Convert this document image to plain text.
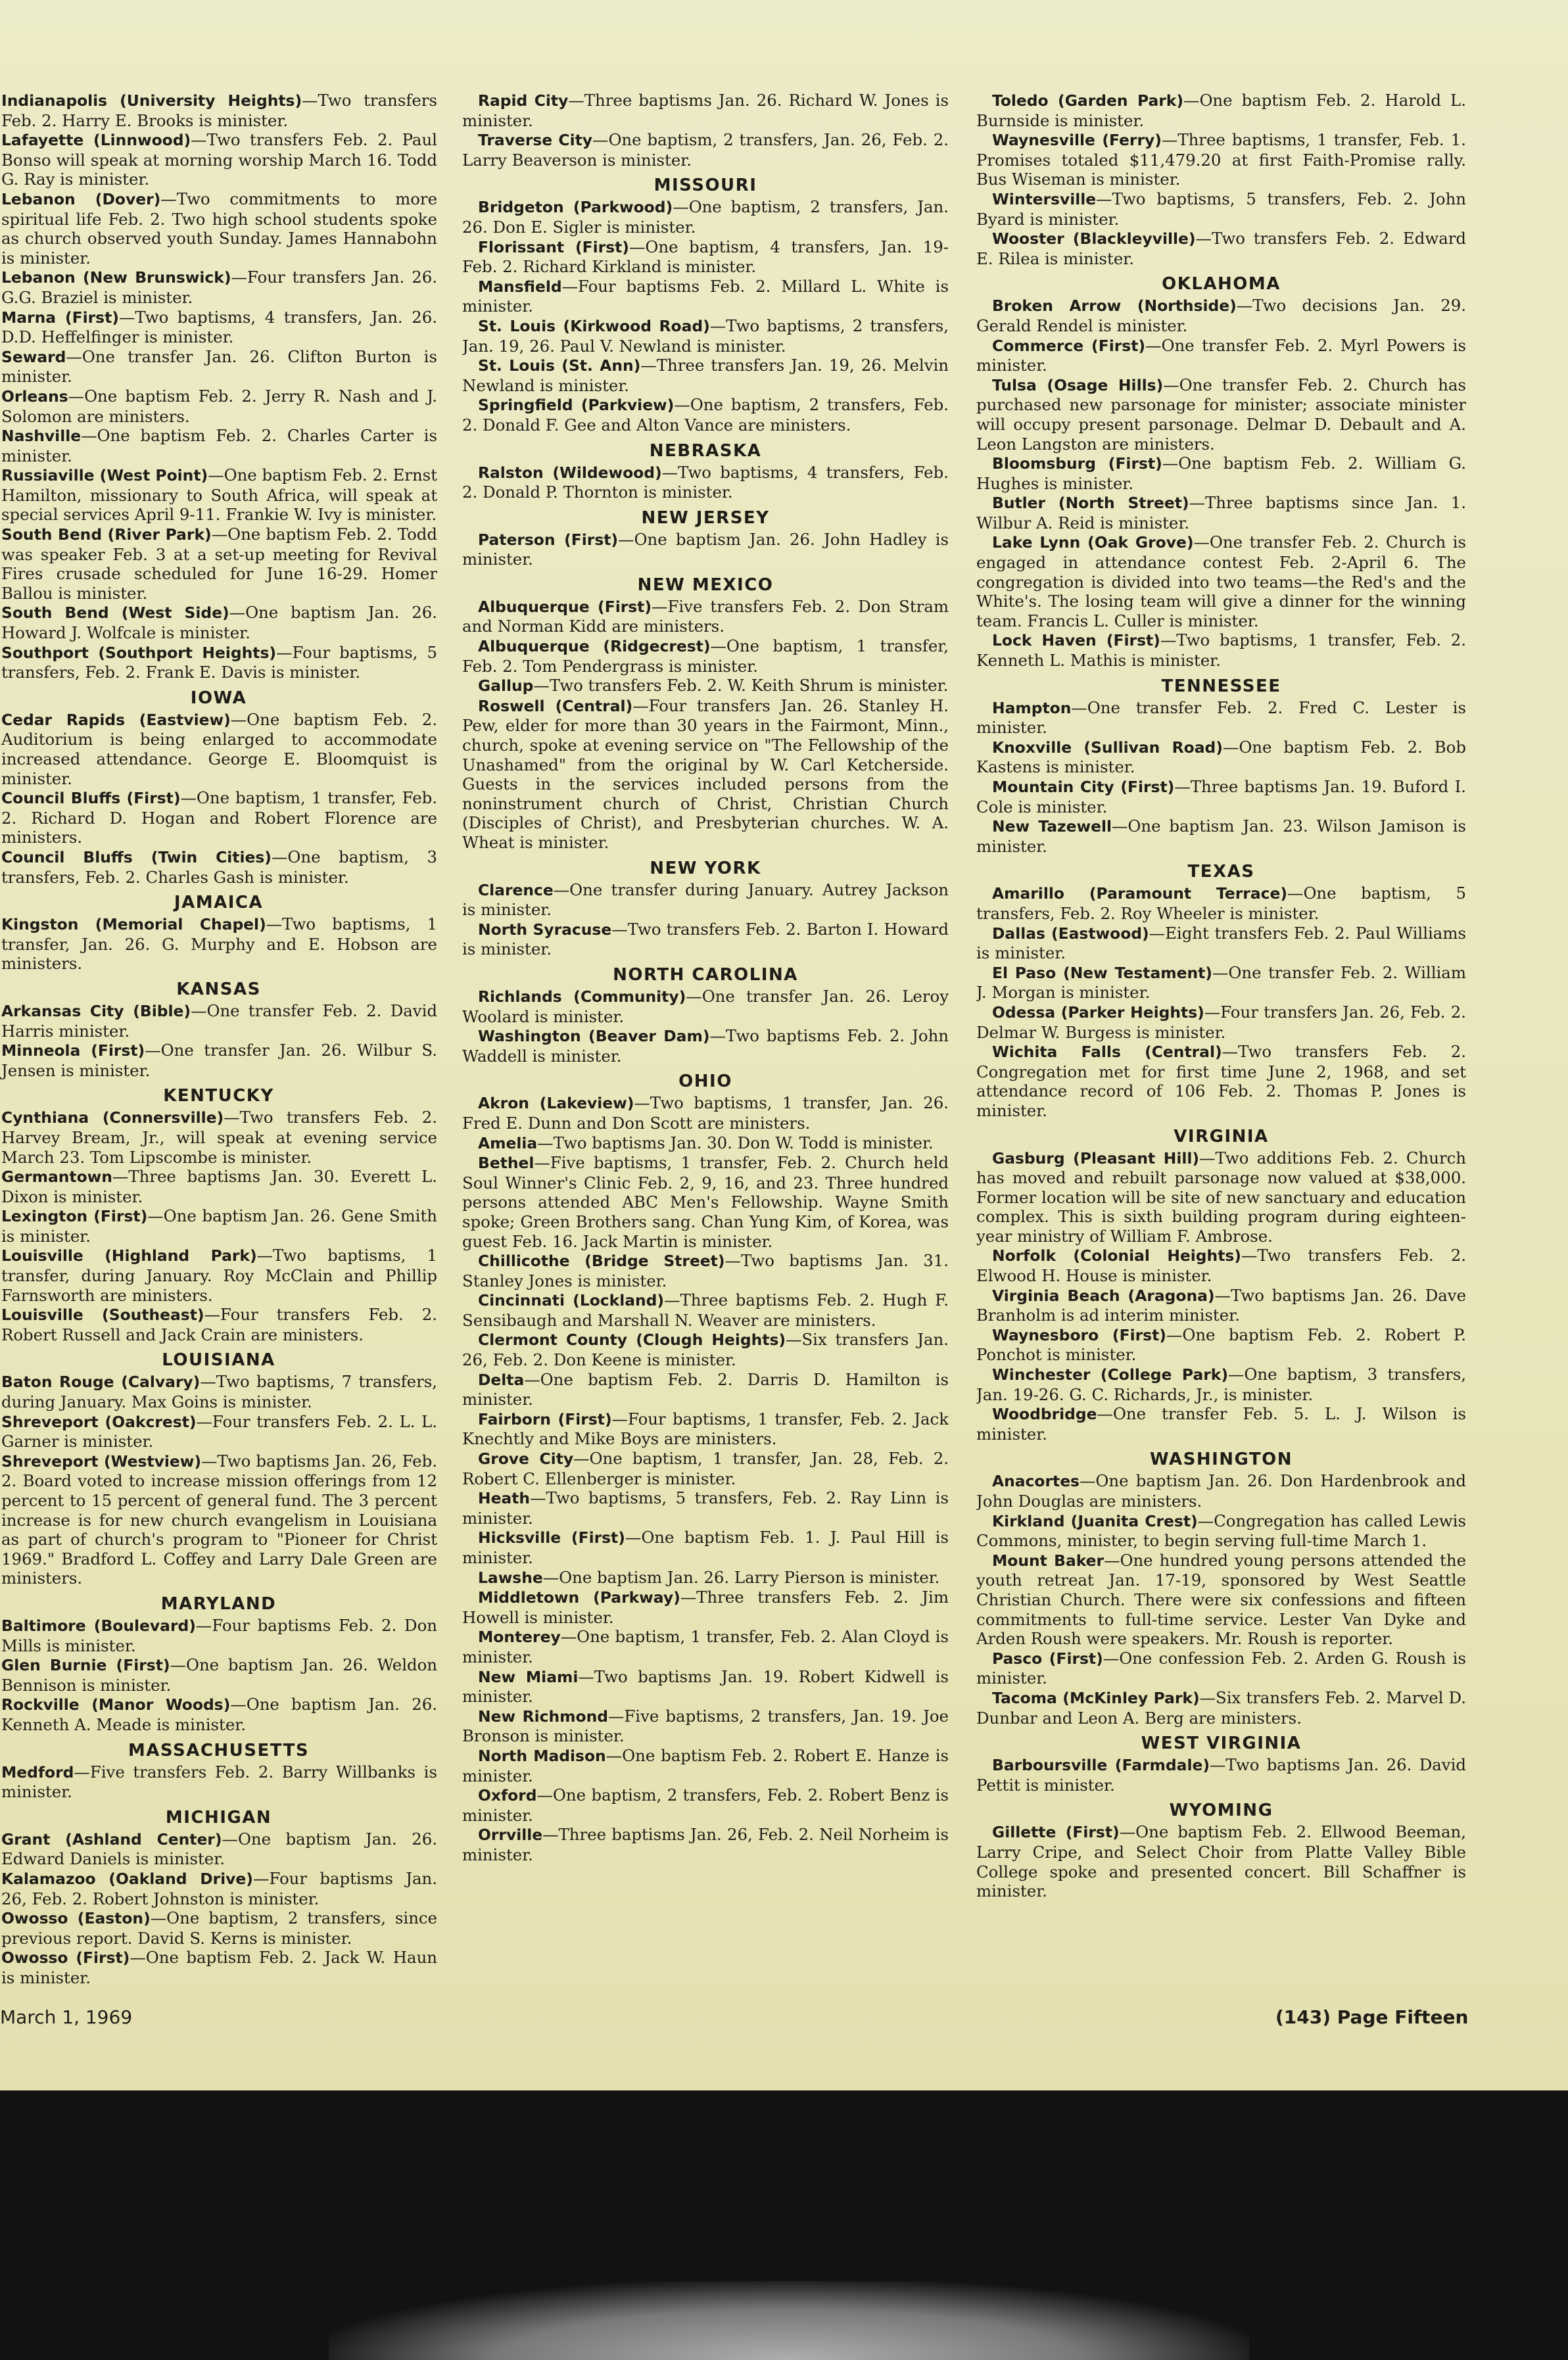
Indianapolis (University Heights)—Two transfers Feb. 2. Harry E. Brooks is minister.

Lafayette (Linnwood)—Two transfers Feb. 2. Paul Bonso will speak at morning worship March 16. Todd G. Ray is minister.

Lebanon (Dover)—Two commitments to more spiritual life Feb. 2. Two high school students spoke as church observed youth Sunday. James Hannabohn is minister.

Lebanon (New Brunswick)—Four transfers Jan. 26. G.G. Braziel is minister.

Marna (First)—Two baptisms, 4 transfers, Jan. 26. D.D. Heffelfinger is minister.

Seward—One transfer Jan. 26. Clifton Burton is minister.

Orleans—One baptism Feb. 2. Jerry R. Nash and J. Solomon are ministers.

Nashville—One baptism Feb. 2. Charles Carter is minister.

Russiaville (West Point)—One baptism Feb. 2. Ernst Hamilton, missionary to South Africa, will speak at special services April 9-11. Frankie W. Ivy is minister.

South Bend (River Park)—One baptism Feb. 2. Todd was speaker Feb. 3 at a set-up meeting for Revival Fires crusade scheduled for June 16-29. Homer Ballou is minister.

South Bend (West Side)—One baptism Jan. 26. Howard J. Wolfcale is minister.

Southport (Southport Heights)—Four baptisms, 5 transfers, Feb. 2. Frank E. Davis is minister.

IOWA

Cedar Rapids (Eastview)—One baptism Feb. 2. Auditorium is being enlarged to accommodate increased attendance. George E. Bloomquist is minister.

Council Bluffs (First)—One baptism, 1 transfer, Feb. 2. Richard D. Hogan and Robert Florence are ministers.

Council Bluffs (Twin Cities)—One baptism, 3 transfers, Feb. 2. Charles Gash is minister.

JAMAICA

Kingston (Memorial Chapel)—Two baptisms, 1 transfer, Jan. 26. G. Murphy and E. Hobson are ministers.

KANSAS

Arkansas City (Bible)—One transfer Feb. 2. David Harris minister.

Minneola (First)—One transfer Jan. 26. Wilbur S. Jensen is minister.

KENTUCKY

Cynthiana (Connersville)—Two transfers Feb. 2. Harvey Bream, Jr., will speak at evening service March 23. Tom Lipscombe is minister.

Germantown—Three baptisms Jan. 30. Everett L. Dixon is minister.

Lexington (First)—One baptism Jan. 26. Gene Smith is minister.

Louisville (Highland Park)—Two baptisms, 1 transfer, during January. Roy McClain and Phillip Farnsworth are ministers.

Louisville (Southeast)—Four transfers Feb. 2. Robert Russell and Jack Crain are ministers.

LOUISIANA

Baton Rouge (Calvary)—Two baptisms, 7 transfers, during January. Max Goins is minister.

Shreveport (Oakcrest)—Four transfers Feb. 2. L. L. Garner is minister.

Shreveport (Westview)—Two baptisms Jan. 26, Feb. 2. Board voted to increase mission offerings from 12 percent to 15 percent of general fund. The 3 percent increase is for new church evangelism in Louisiana as part of church's program to "Pioneer for Christ 1969." Bradford L. Coffey and Larry Dale Green are ministers.

MARYLAND

Baltimore (Boulevard)—Four baptisms Feb. 2. Don Mills is minister.

Glen Burnie (First)—One baptism Jan. 26. Weldon Bennison is minister.

Rockville (Manor Woods)—One baptism Jan. 26. Kenneth A. Meade is minister.

MASSACHUSETTS

Medford—Five transfers Feb. 2. Barry Willbanks is minister.

MICHIGAN

Grant (Ashland Center)—One baptism Jan. 26. Edward Daniels is minister.

Kalamazoo (Oakland Drive)—Four baptisms Jan. 26, Feb. 2. Robert Johnston is minister.

Owosso (Easton)—One baptism, 2 transfers, since previous report. David S. Kerns is minister.

Owosso (First)—One baptism Feb. 2. Jack W. Haun is minister.

Rapid City—Three baptisms Jan. 26. Richard W. Jones is minister.

Traverse City—One baptism, 2 transfers, Jan. 26, Feb. 2. Larry Beaverson is minister.

MISSOURI

Bridgeton (Parkwood)—One baptism, 2 transfers, Jan. 26. Don E. Sigler is minister.

Florissant (First)—One baptism, 4 transfers, Jan. 19-Feb. 2. Richard Kirkland is minister.

Mansfield—Four baptisms Feb. 2. Millard L. White is minister.

St. Louis (Kirkwood Road)—Two baptisms, 2 transfers, Jan. 19, 26. Paul V. Newland is minister.

St. Louis (St. Ann)—Three transfers Jan. 19, 26. Melvin Newland is minister.

Springfield (Parkview)—One baptism, 2 transfers, Feb. 2. Donald F. Gee and Alton Vance are ministers.

NEBRASKA

Ralston (Wildewood)—Two baptisms, 4 transfers, Feb. 2. Donald P. Thornton is minister.

NEW JERSEY

Paterson (First)—One baptism Jan. 26. John Hadley is minister.

NEW MEXICO

Albuquerque (First)—Five transfers Feb. 2. Don Stram and Norman Kidd are ministers.

Albuquerque (Ridgecrest)—One baptism, 1 transfer, Feb. 2. Tom Pendergrass is minister.

Gallup—Two transfers Feb. 2. W. Keith Shrum is minister.

Roswell (Central)—Four transfers Jan. 26. Stanley H. Pew, elder for more than 30 years in the Fairmont, Minn., church, spoke at evening service on "The Fellowship of the Unashamed" from the original by W. Carl Ketcherside. Guests in the services included persons from the noninstrument church of Christ, Christian Church (Disciples of Christ), and Presbyterian churches. W. A. Wheat is minister.

NEW YORK

Clarence—One transfer during January. Autrey Jackson is minister.

North Syracuse—Two transfers Feb. 2. Barton I. Howard is minister.

NORTH CAROLINA

Richlands (Community)—One transfer Jan. 26. Leroy Woolard is minister.

Washington (Beaver Dam)—Two baptisms Feb. 2. John Waddell is minister.

OHIO

Akron (Lakeview)—Two baptisms, 1 transfer, Jan. 26. Fred E. Dunn and Don Scott are ministers.

Amelia—Two baptisms Jan. 30. Don W. Todd is minister.

Bethel—Five baptisms, 1 transfer, Feb. 2. Church held Soul Winner's Clinic Feb. 2, 9, 16, and 23. Three hundred persons attended ABC Men's Fellowship. Wayne Smith spoke; Green Brothers sang. Chan Yung Kim, of Korea, was guest Feb. 16. Jack Martin is minister.

Chillicothe (Bridge Street)—Two baptisms Jan. 31. Stanley Jones is minister.

Cincinnati (Lockland)—Three baptisms Feb. 2. Hugh F. Sensibaugh and Marshall N. Weaver are ministers.

Clermont County (Clough Heights)—Six transfers Jan. 26, Feb. 2. Don Keene is minister.

Delta—One baptism Feb. 2. Darris D. Hamilton is minister.

Fairborn (First)—Four baptisms, 1 transfer, Feb. 2. Jack Knechtly and Mike Boys are ministers.

Grove City—One baptism, 1 transfer, Jan. 28, Feb. 2. Robert C. Ellenberger is minister.

Heath—Two baptisms, 5 transfers, Feb. 2. Ray Linn is minister.

Hicksville (First)—One baptism Feb. 1. J. Paul Hill is minister.

Lawshe—One baptism Jan. 26. Larry Pierson is minister.

Middletown (Parkway)—Three transfers Feb. 2. Jim Howell is minister.

Monterey—One baptism, 1 transfer, Feb. 2. Alan Cloyd is minister.

New Miami—Two baptisms Jan. 19. Robert Kidwell is minister.

New Richmond—Five baptisms, 2 transfers, Jan. 19. Joe Bronson is minister.

North Madison—One baptism Feb. 2. Robert E. Hanze is minister.

Oxford—One baptism, 2 transfers, Feb. 2. Robert Benz is minister.

Orrville—Three baptisms Jan. 26, Feb. 2. Neil Norheim is minister.

Toledo (Garden Park)—One baptism Feb. 2. Harold L. Burnside is minister.

Waynesville (Ferry)—Three baptisms, 1 transfer, Feb. 1. Promises totaled $11,479.20 at first Faith-Promise rally. Bus Wiseman is minister.

Wintersville—Two baptisms, 5 transfers, Feb. 2. John Byard is minister.

Wooster (Blackleyville)—Two transfers Feb. 2. Edward E. Rilea is minister.

OKLAHOMA

Broken Arrow (Northside)—Two decisions Jan. 29. Gerald Rendel is minister.

Commerce (First)—One transfer Feb. 2. Myrl Powers is minister.

Tulsa (Osage Hills)—One transfer Feb. 2. Church has purchased new parsonage for minister; associate minister will occupy present parsonage. Delmar D. Debault and A. Leon Langston are ministers.

Bloomsburg (First)—One baptism Feb. 2. William G. Hughes is minister.

Butler (North Street)—Three baptisms since Jan. 1. Wilbur A. Reid is minister.

Lake Lynn (Oak Grove)—One transfer Feb. 2. Church is engaged in attendance contest Feb. 2-April 6. The congregation is divided into two teams—the Red's and the White's. The losing team will give a dinner for the winning team. Francis L. Culler is minister.

Lock Haven (First)—Two baptisms, 1 transfer, Feb. 2. Kenneth L. Mathis is minister.

TENNESSEE

Hampton—One transfer Feb. 2. Fred C. Lester is minister.

Knoxville (Sullivan Road)—One baptism Feb. 2. Bob Kastens is minister.

Mountain City (First)—Three baptisms Jan. 19. Buford I. Cole is minister.

New Tazewell—One baptism Jan. 23. Wilson Jamison is minister.

TEXAS

Amarillo (Paramount Terrace)—One baptism, 5 transfers, Feb. 2. Roy Wheeler is minister.

Dallas (Eastwood)—Eight transfers Feb. 2. Paul Williams is minister.

El Paso (New Testament)—One transfer Feb. 2. William J. Morgan is minister.

Odessa (Parker Heights)—Four transfers Jan. 26, Feb. 2. Delmar W. Burgess is minister.

Wichita Falls (Central)—Two transfers Feb. 2. Congregation met for first time June 2, 1968, and set attendance record of 106 Feb. 2. Thomas P. Jones is minister.

VIRGINIA

Gasburg (Pleasant Hill)—Two additions Feb. 2. Church has moved and rebuilt parsonage now valued at $38,000. Former location will be site of new sanctuary and education complex. This is sixth building program during eighteen-year ministry of William F. Ambrose.

Norfolk (Colonial Heights)—Two transfers Feb. 2. Elwood H. House is minister.

Virginia Beach (Aragona)—Two baptisms Jan. 26. Dave Branholm is ad interim minister.

Waynesboro (First)—One baptism Feb. 2. Robert P. Ponchot is minister.

Winchester (College Park)—One baptism, 3 transfers, Jan. 19-26. G. C. Richards, Jr., is minister.

Woodbridge—One transfer Feb. 5. L. J. Wilson is minister.

WASHINGTON

Anacortes—One baptism Jan. 26. Don Hardenbrook and John Douglas are ministers.

Kirkland (Juanita Crest)—Congregation has called Lewis Commons, minister, to begin serving full-time March 1.

Mount Baker—One hundred young persons attended the youth retreat Jan. 17-19, sponsored by West Seattle Christian Church. There were six confessions and fifteen commitments to full-time service. Lester Van Dyke and Arden Roush were speakers. Mr. Roush is reporter.

Pasco (First)—One confession Feb. 2. Arden G. Roush is minister.

Tacoma (McKinley Park)—Six transfers Feb. 2. Marvel D. Dunbar and Leon A. Berg are ministers.

WEST VIRGINIA

Barboursville (Farmdale)—Two baptisms Jan. 26. David Pettit is minister.

WYOMING

Gillette (First)—One baptism Feb. 2. Ellwood Beeman, Larry Cripe, and Select Choir from Platte Valley Bible College spoke and presented concert. Bill Schaffner is minister.

March 1, 1969	(143) Page Fifteen
